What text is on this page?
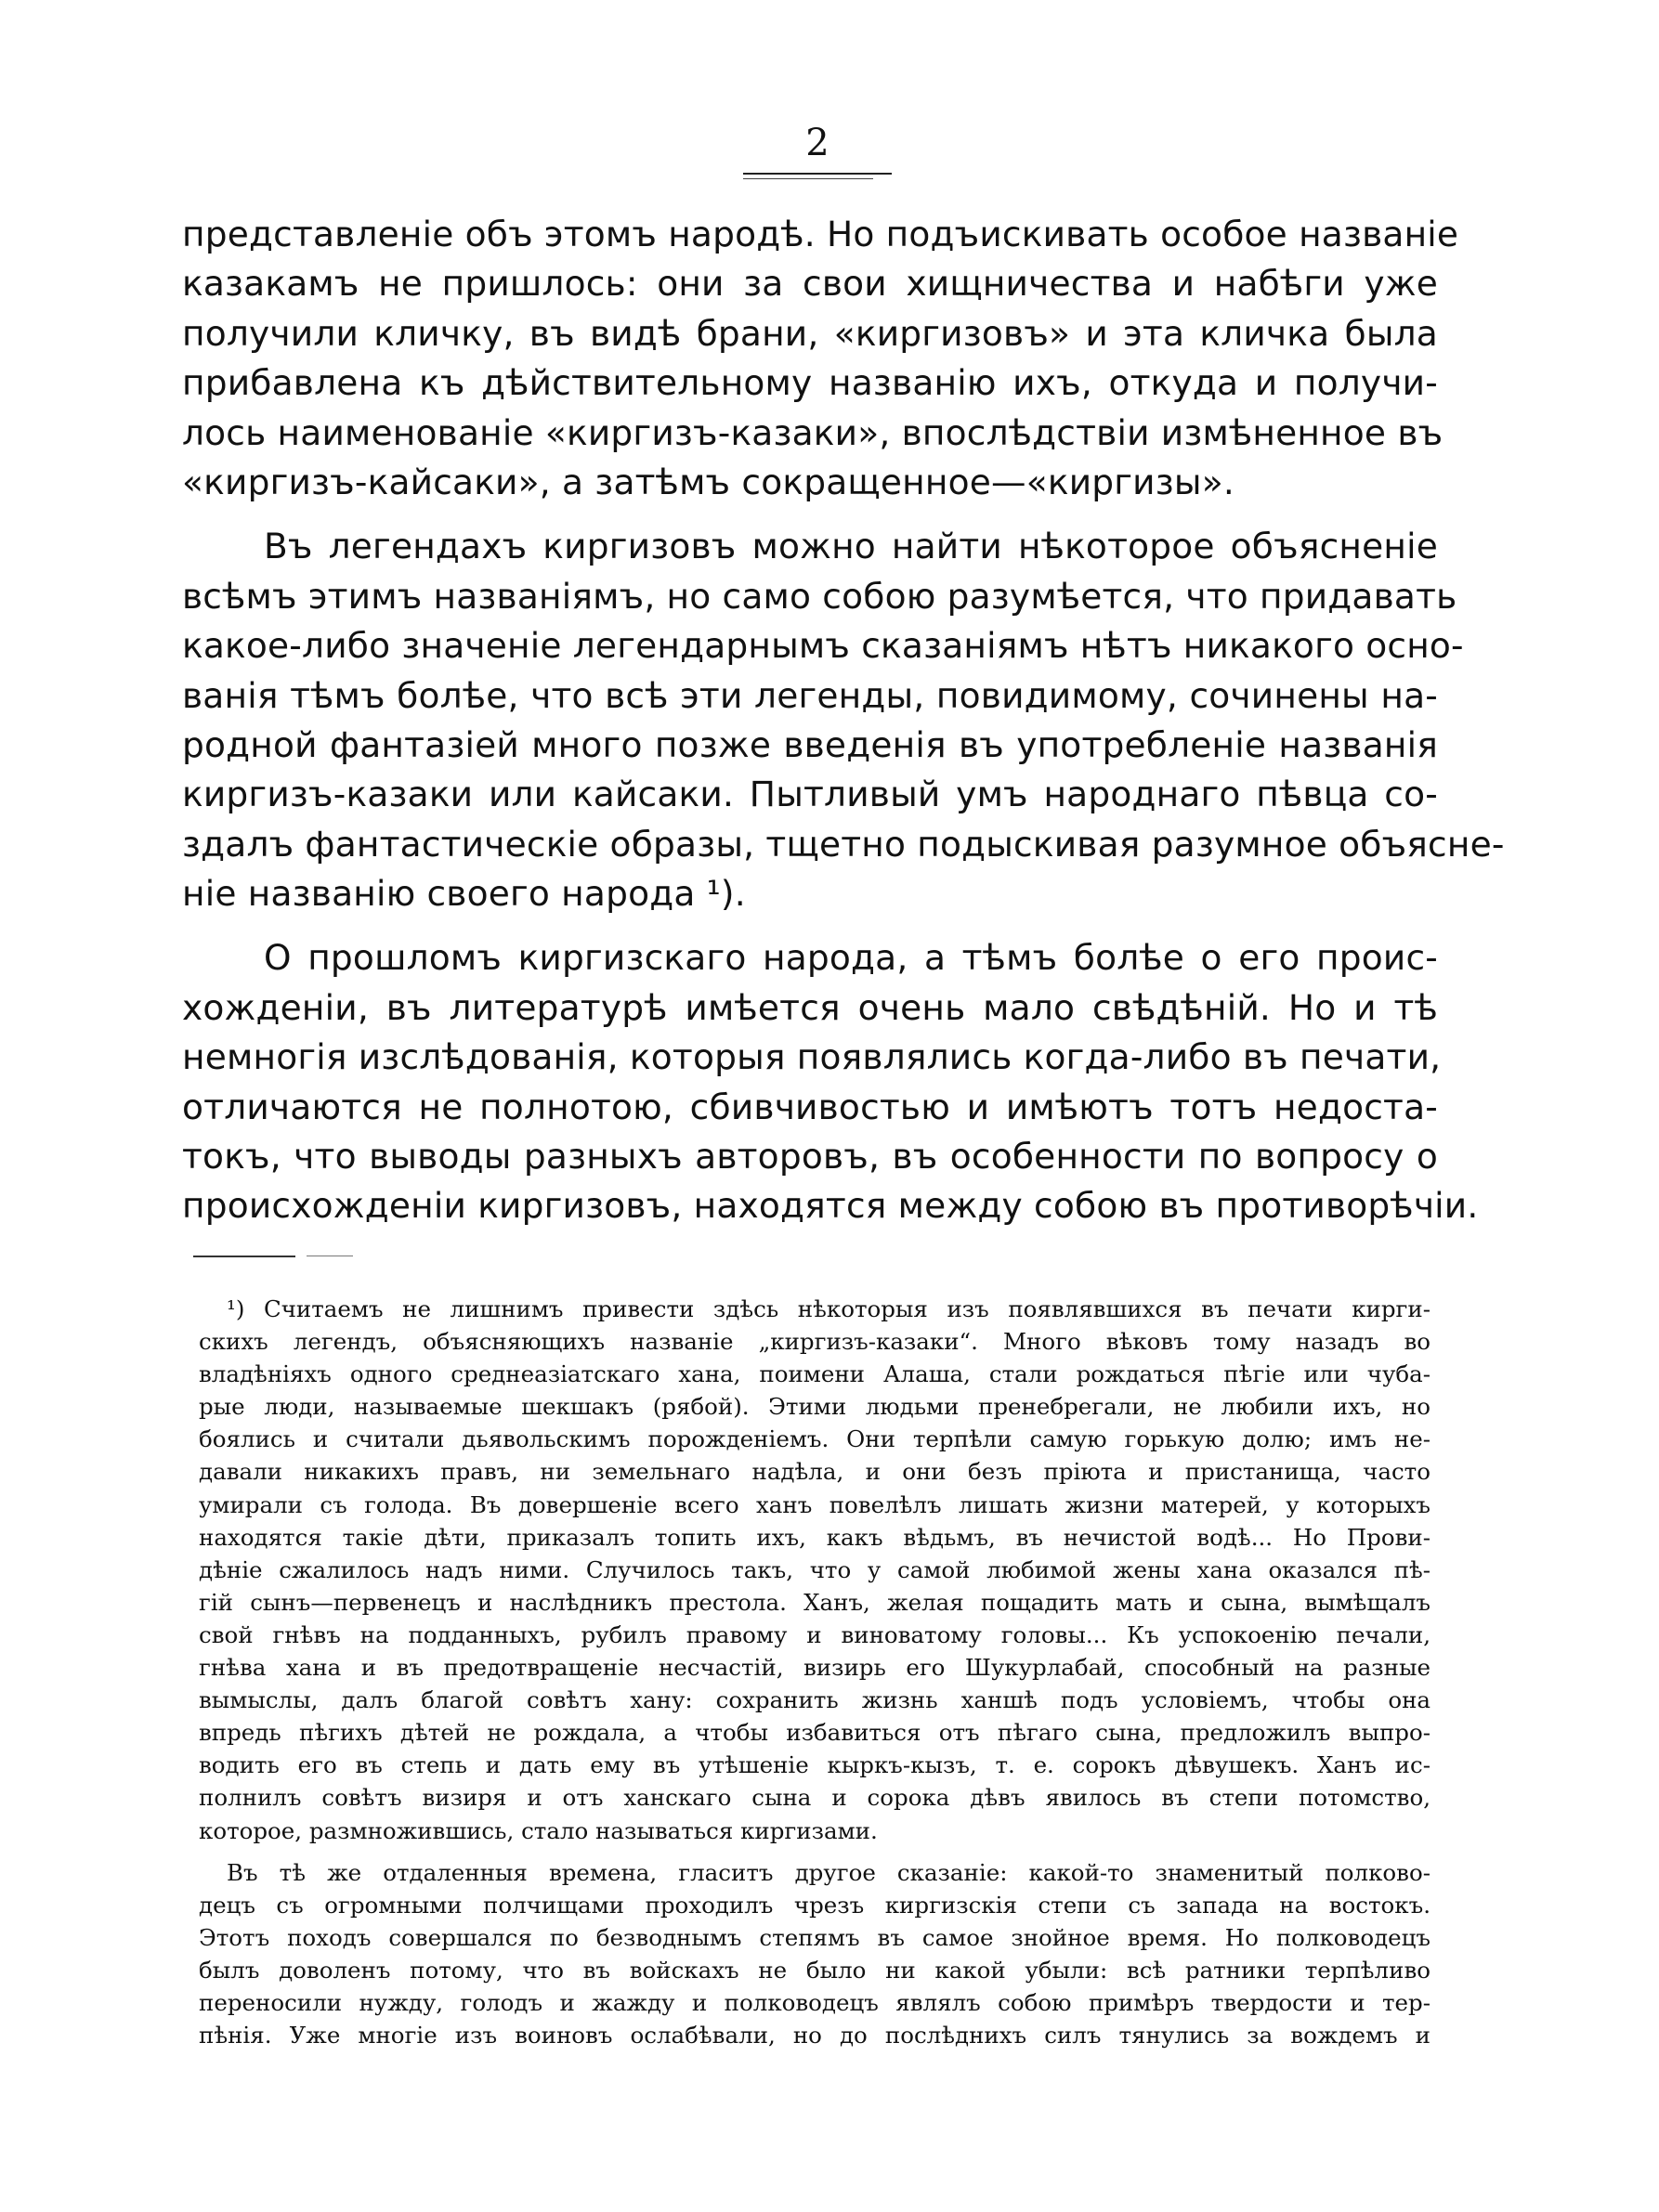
2
представленіе объ этомъ народѣ. Но подъискивать особое названіе
казакамъ не пришлось: они за свои хищничества и набѣги уже
получили кличку, въ видѣ брани, «киргизовъ» и эта кличка была
прибавлена къ дѣйствительному названію ихъ, откуда и получи-
лось наименованіе «киргизъ-казаки», впослѣдствіи измѣненное въ
«киргизъ-кайсаки», а затѣмъ сокращенное—«киргизы».
Въ легендахъ киргизовъ можно найти нѣкоторое объясненіе
всѣмъ этимъ названіямъ, но само собою разумѣется, что придавать
какое-либо значеніе легендарнымъ сказаніямъ нѣтъ никакого осно-
ванія тѣмъ болѣе, что всѣ эти легенды, повидимому, сочинены на-
родной фантазіей много позже введенія въ употребленіе названія
киргизъ-казаки или кайсаки. Пытливый умъ народнаго пѣвца со-
здалъ фантастическіе образы, тщетно подыскивая разумное объясне-
ніе названію своего народа ¹).
О прошломъ киргизскаго народа, а тѣмъ болѣе о его проис-
хожденіи, въ литературѣ имѣется очень мало свѣдѣній. Но и тѣ
немногія изслѣдованія, которыя появлялись когда-либо въ печати,
отличаются не полнотою, сбивчивостью и имѣютъ тотъ недоста-
токъ, что выводы разныхъ авторовъ, въ особенности по вопросу о
происхожденіи киргизовъ, находятся между собою въ противорѣчіи.
¹) Считаемъ не лишнимъ привести здѣсь нѣкоторыя изъ появлявшихся въ печати кирги-
скихъ легендъ, объясняющихъ названіе „киргизъ-казаки“. Много вѣковъ тому назадъ во
владѣніяхъ одного среднеазіатскаго хана, поимени Алаша, стали рождаться пѣгіе или чуба-
рые люди, называемые шекшакъ (рябой). Этими людьми пренебрегали, не любили ихъ, но
боялись и считали дьявольскимъ порожденіемъ. Они терпѣли самую горькую долю; имъ не-
давали никакихъ правъ, ни земельнаго надѣла, и они безъ пріюта и пристанища, часто
умирали съ голода. Въ довершеніе всего ханъ повелѣлъ лишать жизни матерей, у которыхъ
находятся такіе дѣти, приказалъ топить ихъ, какъ вѣдьмъ, въ нечистой водѣ... Но Прови-
дѣніе сжалилось надъ ними. Случилось такъ, что у самой любимой жены хана оказался пѣ-
гій сынъ—первенецъ и наслѣдникъ престола. Ханъ, желая пощадить мать и сына, вымѣщалъ
свой гнѣвъ на подданныхъ, рубилъ правому и виноватому головы... Къ успокоенію печали,
гнѣва хана и въ предотвращеніе несчастій, визирь его Шукурлабай, способный на разные
вымыслы, далъ благой совѣтъ хану: сохранить жизнь ханшѣ подъ условіемъ, чтобы она
впредь пѣгихъ дѣтей не рождала, а чтобы избавиться отъ пѣгаго сына, предложилъ выпро-
водить его въ степь и дать ему въ утѣшеніе кыркъ-кызъ, т. е. сорокъ дѣвушекъ. Ханъ ис-
полнилъ совѣтъ визиря и отъ ханскаго сына и сорока дѣвъ явилось въ степи потомство,
которое, размножившись, стало называться киргизами.
Въ тѣ же отдаленныя времена, гласитъ другое сказаніе: какой-то знаменитый полково-
децъ съ огромными полчищами проходилъ чрезъ киргизскія степи съ запада на востокъ.
Этотъ походъ совершался по безводнымъ степямъ въ самое знойное время. Но полководецъ
былъ доволенъ потому, что въ войскахъ не было ни какой убыли: всѣ ратники терпѣливо
переносили нужду, голодъ и жажду и полководецъ являлъ собою примѣръ твердости и тер-
пѣнія. Уже многіе изъ воиновъ ослабѣвали, но до послѣднихъ силъ тянулись за вождемъ и
